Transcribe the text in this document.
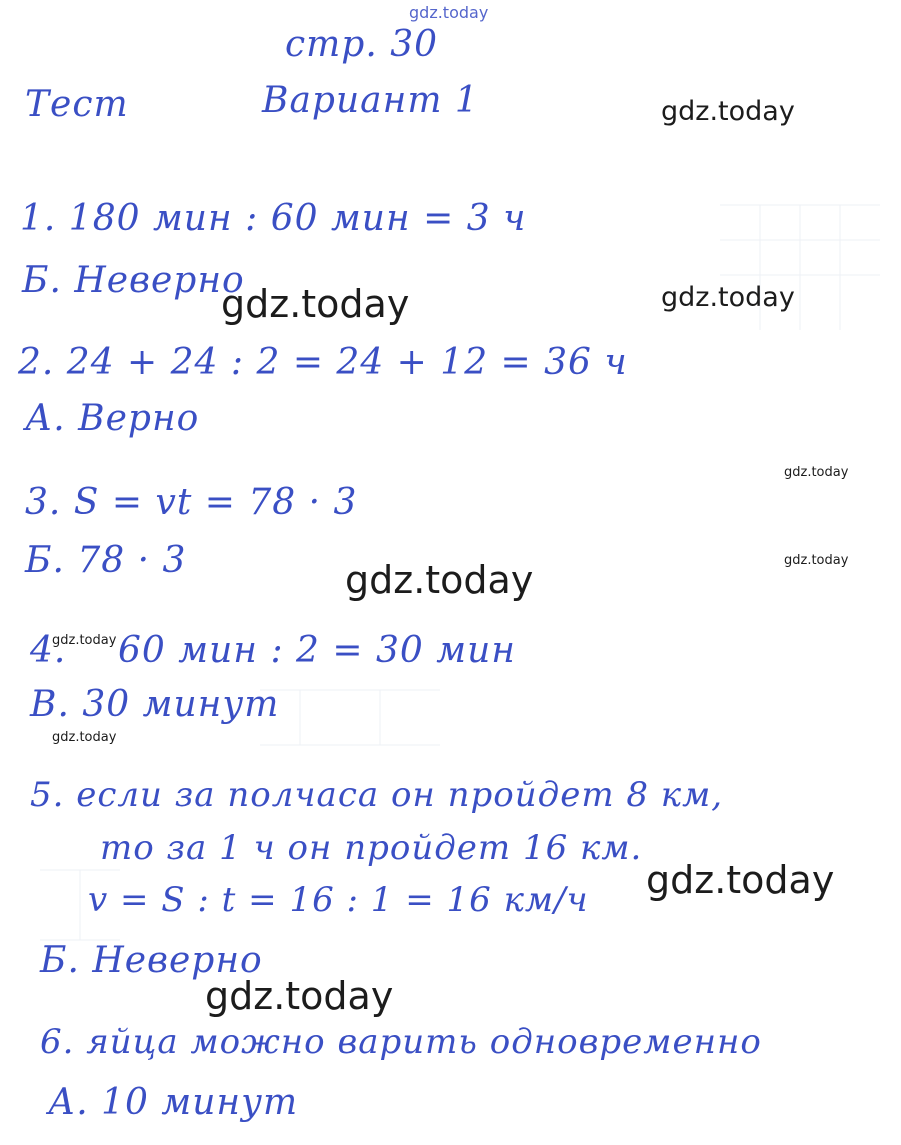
gdz.today
стр. 30
Тест	Вариант 1
1. 180 мин : 60 мин = 3 ч
Б. Неверно
2. 24 + 24 : 2 = 24 + 12 = 36 ч
А. Верно
3. S = vt = 78 · 3
Б. 78 · 3
4. 60 мин : 2 = 30 мин
В. 30 минут
5. если за полчаса он пройдет 8 км,
то за 1 ч он пройдет 16 км.
v = S : t = 16 : 1 = 16 км/ч
Б. Неверно
6. яйца можно варить одновременно
А. 10 минут
gdz.today
gdz.today	gdz.today
gdz.today
gdz.today
gdz.today
gdz.today
gdz.today
gdz.today
gdz.today
